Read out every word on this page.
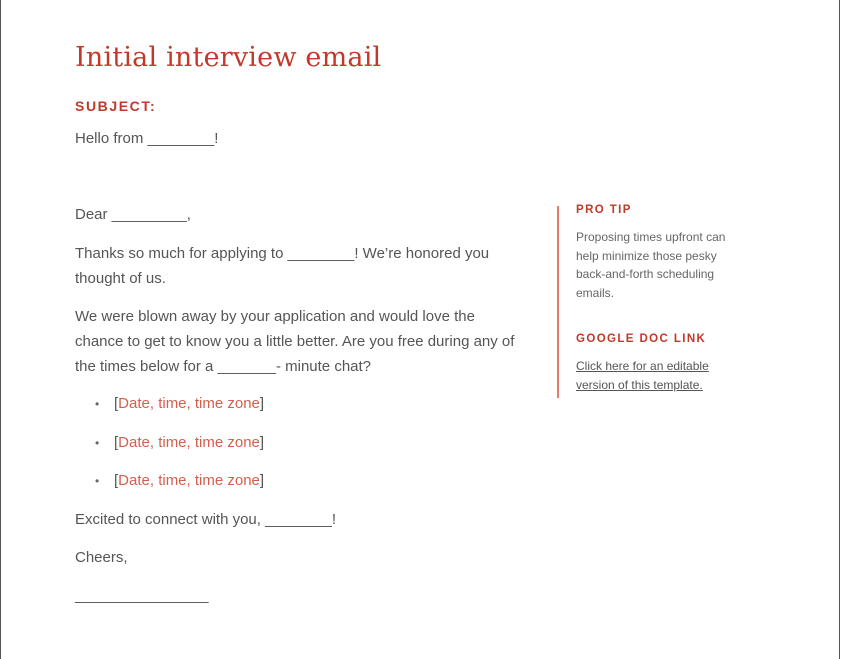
Initial interview email
SUBJECT:

Hello from ________!

Dear _________,

Thanks so much for applying to ________! We’re honored you thought of us.

We were blown away by your application and would love the chance to get to know you a little better. Are you free during any of the times below for a _______- minute chat?

• [Date, time, time zone]
• [Date, time, time zone]
• [Date, time, time zone]

Excited to connect with you, ________!

Cheers,

________________

PRO TIP

Proposing times upfront can help minimize those pesky back-and-forth scheduling emails.

GOOGLE DOC LINK
Click here for an editable version of this template.
